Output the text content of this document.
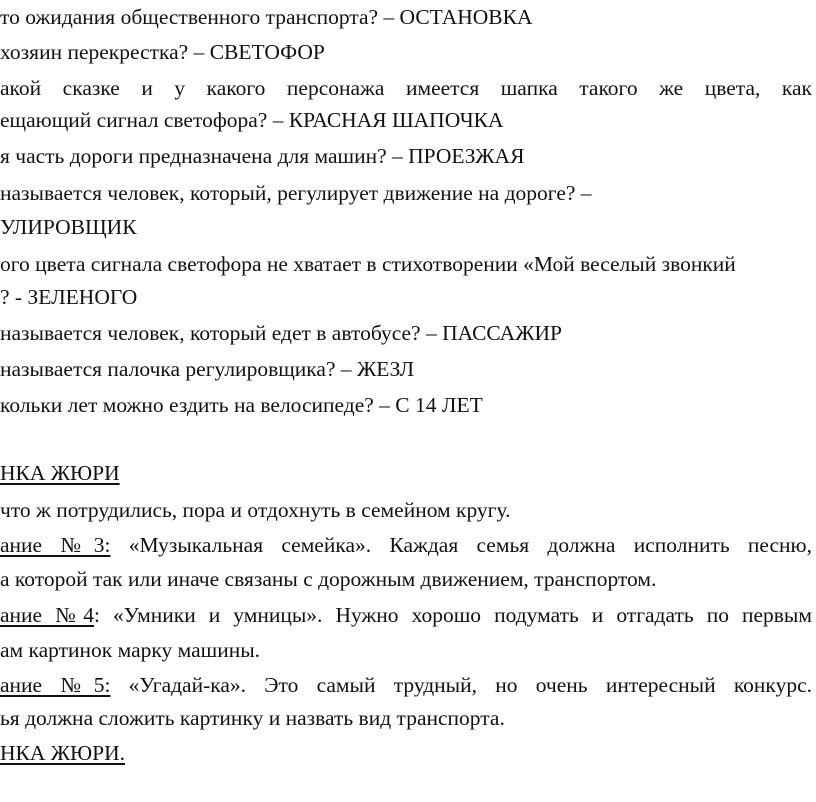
то ожидания общественного транспорта? – ОСТАНОВКА
хозяин перекрестка? – СВЕТОФОР
акой сказке и у какого персонажа имеется шапка такого же цвета, как
ещающий сигнал светофора? – КРАСНАЯ ШАПОЧКА
я часть дороги предназначена для машин? – ПРОЕЗЖАЯ
называется человек, который, регулирует движение на дороге? –
УЛИРОВЩИК
ого цвета сигнала светофора не хватает в стихотворении «Мой веселый звонкий
? - ЗЕЛЕНОГО
называется человек, который едет в автобусе? – ПАССАЖИР
называется палочка регулировщика? – ЖЕЗЛ
кольки лет можно ездить на велосипеде? – С 14 ЛЕТ
НКА ЖЮРИ
что ж потрудились, пора и отдохнуть в семейном кругу.
ание №3: «Музыкальная семейка». Каждая семья должна исполнить песню,
а которой так или иначе связаны с дорожным движением, транспортом.
ание №4: «Умники и умницы». Нужно хорошо подумать и отгадать по первым
ам картинок марку машины.
ание №5: «Угадай-ка». Это самый трудный, но очень интересный конкурс.
ья должна сложить картинку и назвать вид транспорта.
НКА ЖЮРИ.
